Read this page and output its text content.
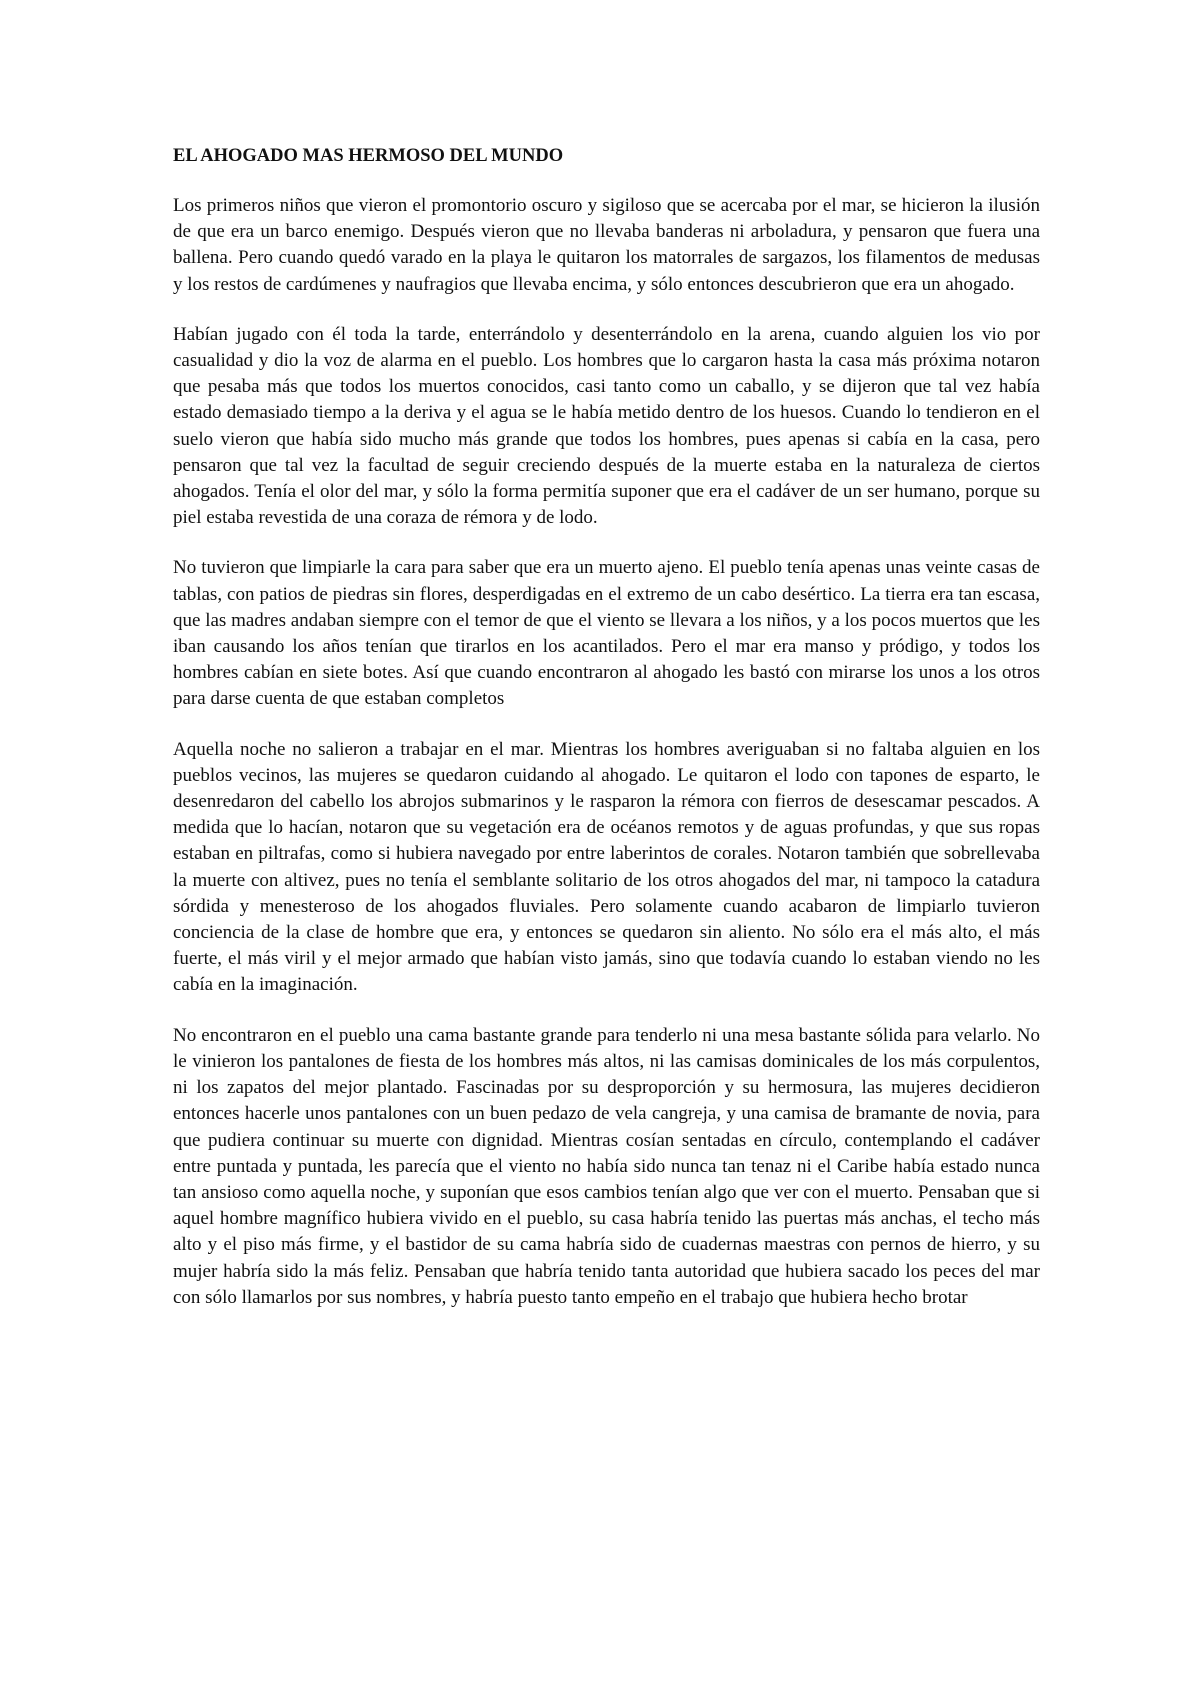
EL AHOGADO MAS HERMOSO DEL MUNDO

Los primeros niños que vieron el promontorio oscuro y sigiloso que se acercaba por el mar, se hicieron la ilusión de que era un barco enemigo. Después vieron que no llevaba banderas ni arboladura, y pensaron que fuera una ballena. Pero cuando quedó varado en la playa le quitaron los matorrales de sargazos, los filamentos de medusas y los restos de cardúmenes y naufragios que llevaba encima, y sólo entonces descubrieron que era un ahogado.

Habían jugado con él toda la tarde, enterrándolo y desenterrándolo en la arena, cuando alguien los vio por casualidad y dio la voz de alarma en el pueblo. Los hombres que lo cargaron hasta la casa más próxima notaron que pesaba más que todos los muertos conocidos, casi tanto como un caballo, y se dijeron que tal vez había estado demasiado tiempo a la deriva y el agua se le había metido dentro de los huesos. Cuando lo tendieron en el suelo vieron que había sido mucho más grande que todos los hombres, pues apenas si cabía en la casa, pero pensaron que tal vez la facultad de seguir creciendo después de la muerte estaba en la naturaleza de ciertos ahogados. Tenía el olor del mar, y sólo la forma permitía suponer que era el cadáver de un ser humano, porque su piel estaba revestida de una coraza de rémora y de lodo.

No tuvieron que limpiarle la cara para saber que era un muerto ajeno. El pueblo tenía apenas unas veinte casas de tablas, con patios de piedras sin flores, desperdigadas en el extremo de un cabo desértico. La tierra era tan escasa, que las madres andaban siempre con el temor de que el viento se llevara a los niños, y a los pocos muertos que les iban causando los años tenían que tirarlos en los acantilados. Pero el mar era manso y pródigo, y todos los hombres cabían en siete botes. Así que cuando encontraron al ahogado les bastó con mirarse los unos a los otros para darse cuenta de que estaban completos

Aquella noche no salieron a trabajar en el mar. Mientras los hombres averiguaban si no faltaba alguien en los pueblos vecinos, las mujeres se quedaron cuidando al ahogado. Le quitaron el lodo con tapones de esparto, le desenredaron del cabello los abrojos submarinos y le rasparon la rémora con fierros de desescamar pescados. A medida que lo hacían, notaron que su vegetación era de océanos remotos y de aguas profundas, y que sus ropas estaban en piltrafas, como si hubiera navegado por entre laberintos de corales. Notaron también que sobrellevaba la muerte con altivez, pues no tenía el semblante solitario de los otros ahogados del mar, ni tampoco la catadura sórdida y menesteroso de los ahogados fluviales. Pero solamente cuando acabaron de limpiarlo tuvieron conciencia de la clase de hombre que era, y entonces se quedaron sin aliento. No sólo era el más alto, el más fuerte, el más viril y el mejor armado que habían visto jamás, sino que todavía cuando lo estaban viendo no les cabía en la imaginación.

No encontraron en el pueblo una cama bastante grande para tenderlo ni una mesa bastante sólida para velarlo. No le vinieron los pantalones de fiesta de los hombres más altos, ni las camisas dominicales de los más corpulentos, ni los zapatos del mejor plantado. Fascinadas por su desproporción y su hermosura, las mujeres decidieron entonces hacerle unos pantalones con un buen pedazo de vela cangreja, y una camisa de bramante de novia, para que pudiera continuar su muerte con dignidad. Mientras cosían sentadas en círculo, contemplando el cadáver entre puntada y puntada, les parecía que el viento no había sido nunca tan tenaz ni el Caribe había estado nunca tan ansioso como aquella noche, y suponían que esos cambios tenían algo que ver con el muerto. Pensaban que si aquel hombre magnífico hubiera vivido en el pueblo, su casa habría tenido las puertas más anchas, el techo más alto y el piso más firme, y el bastidor de su cama habría sido de cuadernas maestras con pernos de hierro, y su mujer habría sido la más feliz. Pensaban que habría tenido tanta autoridad que hubiera sacado los peces del mar con sólo llamarlos por sus nombres, y habría puesto tanto empeño en el trabajo que hubiera hecho brotar
